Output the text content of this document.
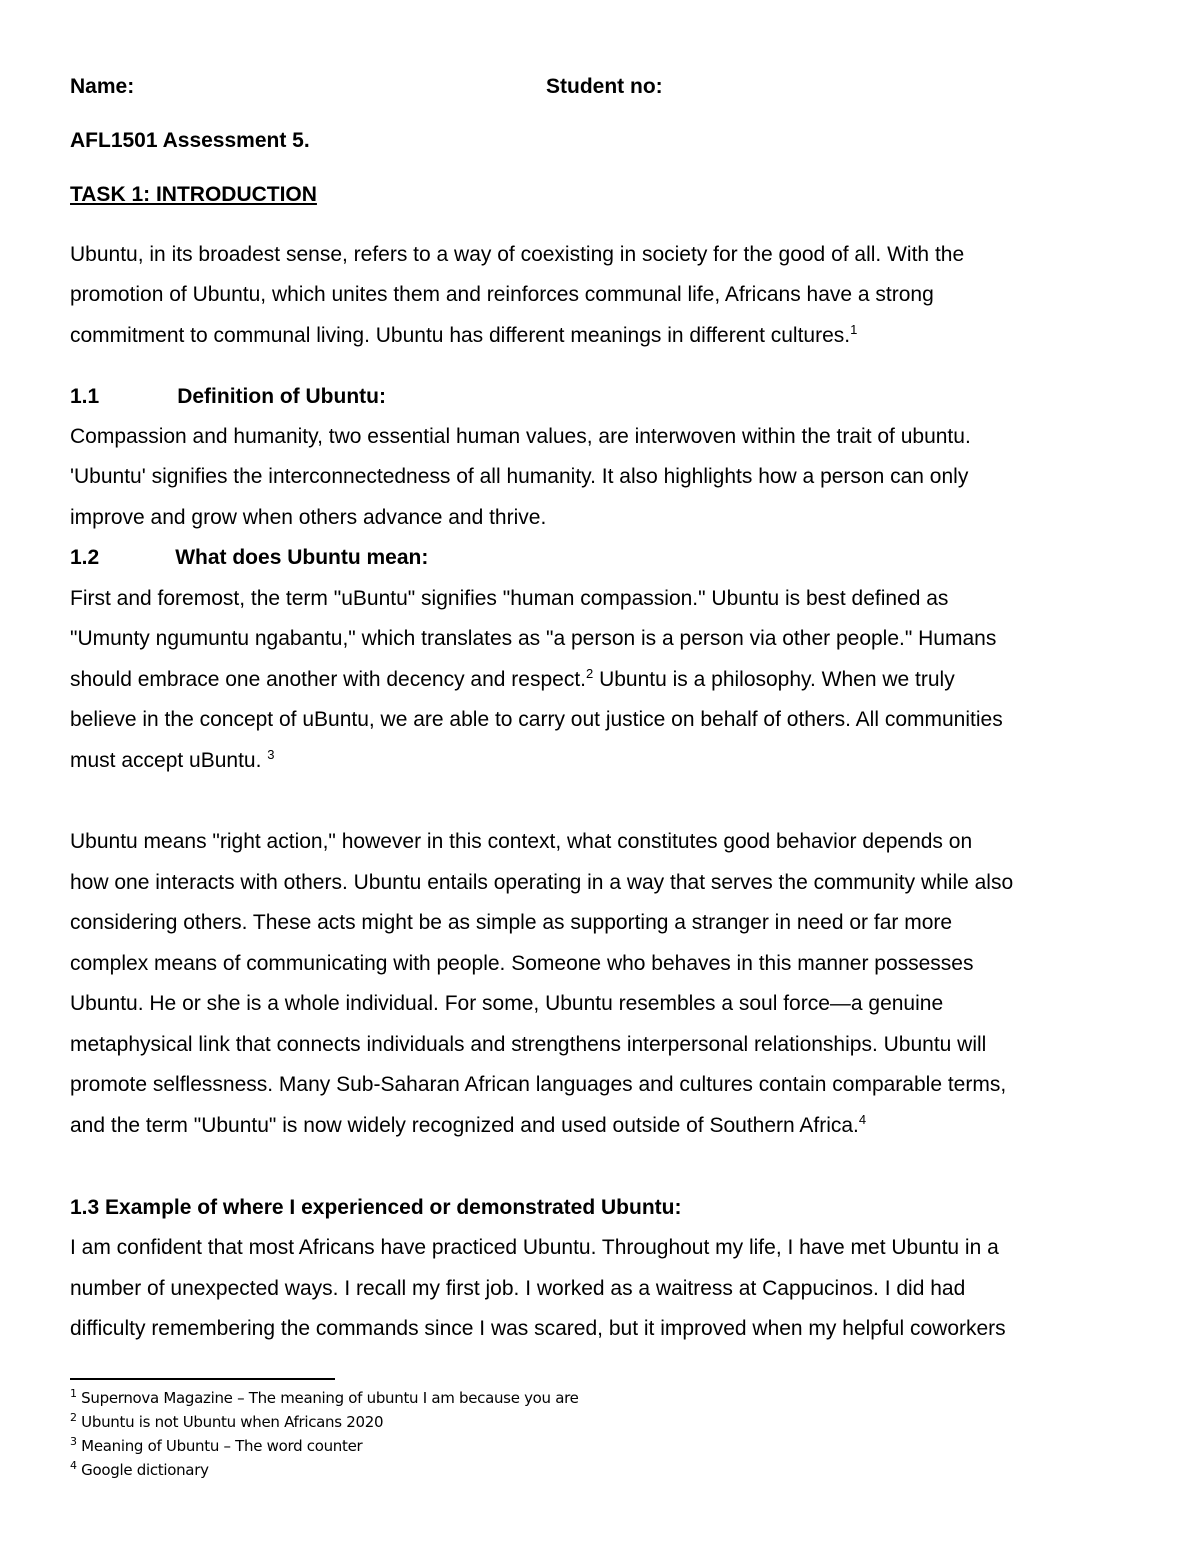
Name:	Student no:
AFL1501 Assessment 5.
TASK 1: INTRODUCTION
Ubuntu, in its broadest sense, refers to a way of coexisting in society for the good of all. With the
promotion of Ubuntu, which unites them and reinforces communal life, Africans have a strong
commitment to communal living. Ubuntu has different meanings in different cultures.$^1$
1.1	Definition of Ubuntu:
Compassion and humanity, two essential human values, are interwoven within the trait of ubuntu.
'Ubuntu' signifies the interconnectedness of all humanity. It also highlights how a person can only
improve and grow when others advance and thrive.
1.2	What does Ubuntu mean:
First and foremost, the term "uBuntu" signifies "human compassion." Ubuntu is best defined as
"Umunty ngumuntu ngabantu," which translates as "a person is a person via other people." Humans
should embrace one another with decency and respect.$^2$ Ubuntu is a philosophy. When we truly
believe in the concept of uBuntu, we are able to carry out justice on behalf of others. All communities
must accept uBuntu. $^3$
Ubuntu means "right action," however in this context, what constitutes good behavior depends on
how one interacts with others. Ubuntu entails operating in a way that serves the community while also
considering others. These acts might be as simple as supporting a stranger in need or far more
complex means of communicating with people. Someone who behaves in this manner possesses
Ubuntu. He or she is a whole individual. For some, Ubuntu resembles a soul force—a genuine
metaphysical link that connects individuals and strengthens interpersonal relationships. Ubuntu will
promote selflessness. Many Sub-Saharan African languages and cultures contain comparable terms,
and the term "Ubuntu" is now widely recognized and used outside of Southern Africa.$^4$
1.3 Example of where I experienced or demonstrated Ubuntu:
I am confident that most Africans have practiced Ubuntu. Throughout my life, I have met Ubuntu in a
number of unexpected ways. I recall my first job. I worked as a waitress at Cappucinos. I did had
difficulty remembering the commands since I was scared, but it improved when my helpful coworkers
$^1$ Supernova Magazine – The meaning of ubuntu I am because you are
$^2$ Ubuntu is not Ubuntu when Africans 2020
$^3$ Meaning of Ubuntu – The word counter
$^4$ Google dictionary
